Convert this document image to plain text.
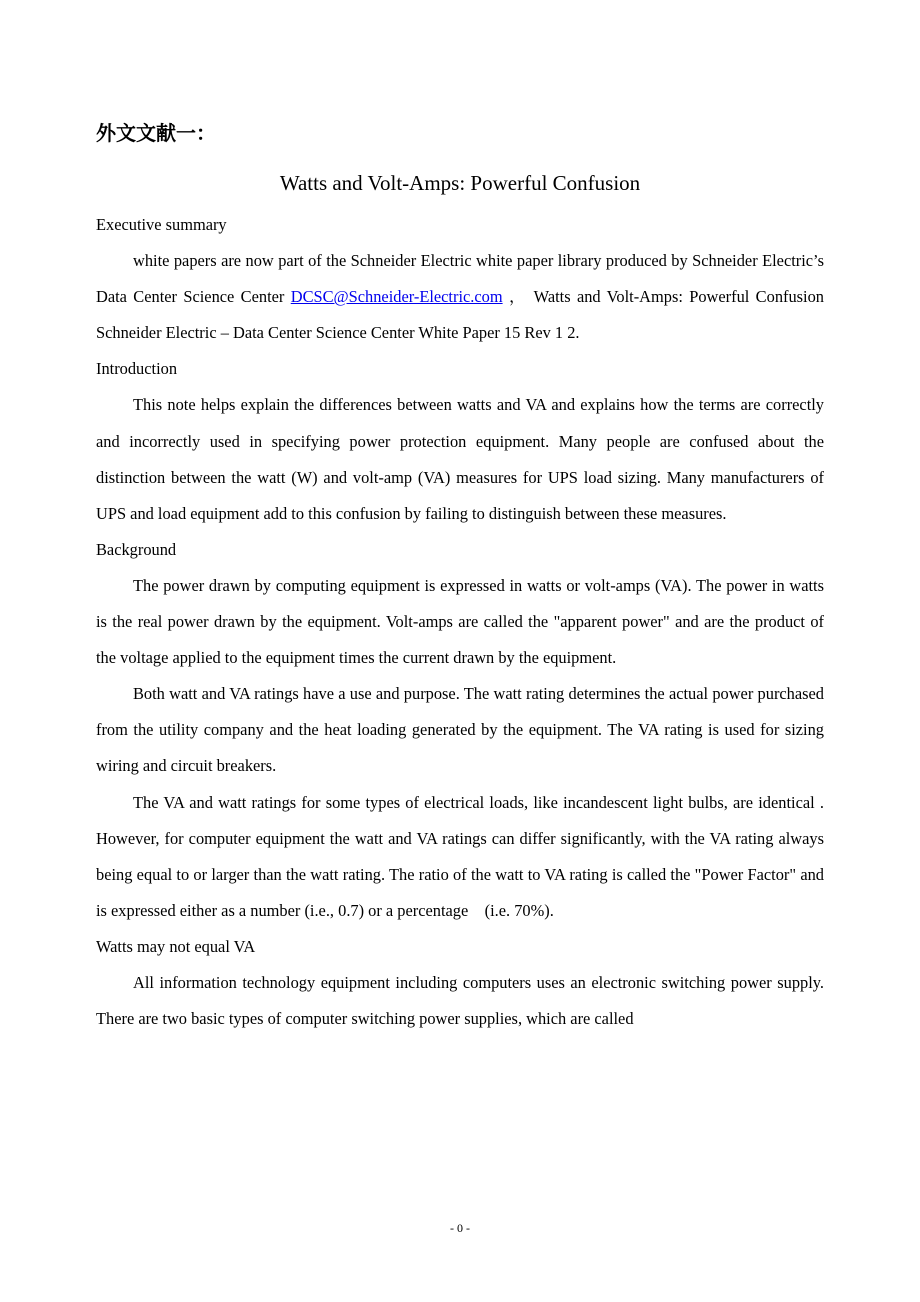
外文文献一：
Watts and Volt-Amps: Powerful Confusion
Executive summary

white papers are now part of the Schneider Electric white paper library produced by Schneider Electric’s Data Center Science Center DCSC@Schneider-Electric.com ， Watts and Volt-Amps: Powerful Confusion Schneider Electric – Data Center Science Center White Paper 15 Rev 1 2.

Introduction

This note helps explain the differences between watts and VA and explains how the terms are correctly and incorrectly used in specifying power protection equipment. Many people are confused about the distinction between the watt (W) and volt-amp (VA) measures for UPS load sizing. Many manufacturers of UPS and load equipment add to this confusion by failing to distinguish between these measures.

Background

The power drawn by computing equipment is expressed in watts or volt-amps (VA). The power in watts is the real power drawn by the equipment. Volt-amps are called the "apparent power" and are the product of the voltage applied to the equipment times the current drawn by the equipment.

Both watt and VA ratings have a use and purpose. The watt rating determines the actual power purchased from the utility company and the heat loading generated by the equipment. The VA rating is used for sizing wiring and circuit breakers.

The VA and watt ratings for some types of electrical loads, like incandescent light bulbs, are identical . However, for computer equipment the watt and VA ratings can differ significantly, with the VA rating always being equal to or larger than the watt rating. The ratio of the watt to VA rating is called the "Power Factor" and is expressed either as a number (i.e., 0.7) or a percentage　(i.e. 70%).

Watts may not equal VA

All information technology equipment including computers uses an electronic switching power supply. There are two basic types of computer switching power supplies, which are called

- 0 -
